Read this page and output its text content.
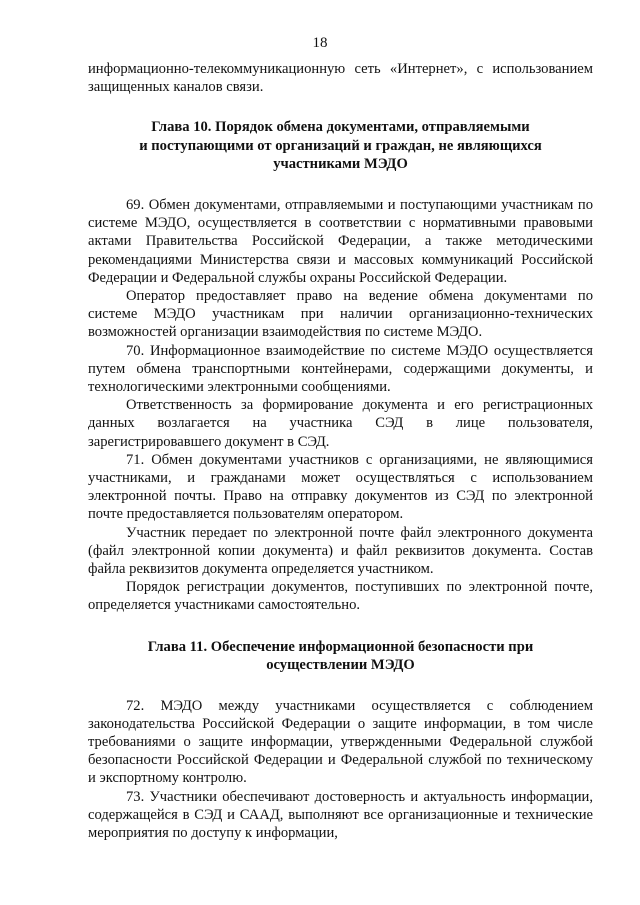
18

информационно-телекоммуникационную сеть «Интернет», с использованием защищенных каналов связи.

Глава 10. Порядок обмена документами, отправляемыми
и поступающими от организаций и граждан, не являющихся
участниками МЭДО

69. Обмен документами, отправляемыми и поступающими участникам по системе МЭДО, осуществляется в соответствии с нормативными правовыми актами Правительства Российской Федерации, а также методическими рекомендациями Министерства связи и массовых коммуникаций Российской Федерации и Федеральной службы охраны Российской Федерации.

Оператор предоставляет право на ведение обмена документами по системе МЭДО участникам при наличии организационно-технических возможностей организации взаимодействия по системе МЭДО.

70. Информационное взаимодействие по системе МЭДО осуществляется путем обмена транспортными контейнерами, содержащими документы, и технологическими электронными сообщениями.

Ответственность за формирование документа и его регистрационных данных возлагается на участника СЭД в лице пользователя, зарегистрировавшего документ в СЭД.

71. Обмен документами участников с организациями, не являющимися участниками, и гражданами может осуществляться с использованием электронной почты. Право на отправку документов из СЭД по электронной почте предоставляется пользователям оператором.

Участник передает по электронной почте файл электронного документа (файл электронной копии документа) и файл реквизитов документа. Состав файла реквизитов документа определяется участником.

Порядок регистрации документов, поступивших по электронной почте, определяется участниками самостоятельно.

Глава 11. Обеспечение информационной безопасности при
осуществлении МЭДО

72. МЭДО между участниками осуществляется с соблюдением законодательства Российской Федерации о защите информации, в том числе требованиями о защите информации, утвержденными Федеральной службой безопасности Российской Федерации и Федеральной службой по техническому и экспортному контролю.

73. Участники обеспечивают достоверность и актуальность информации, содержащейся в СЭД и СААД, выполняют все организационные и технические мероприятия по доступу к информации,
